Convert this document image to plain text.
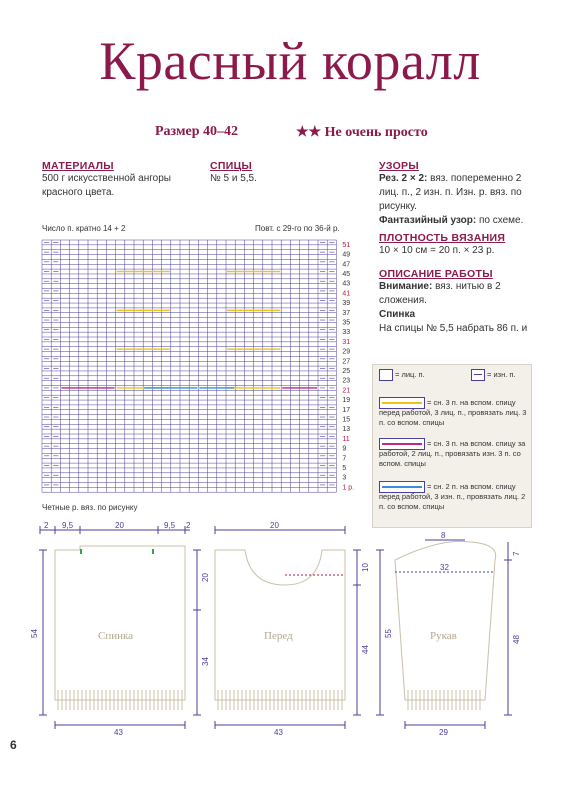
Красный коралл
Размер 40–42	★★ Не очень просто
МАТЕРИАЛЫ
500 г искусственной ангоры красного цвета.
СПИЦЫ
№ 5 и 5,5.
УЗОРЫ
Рез. 2 × 2: вяз. попеременно 2 лиц. п., 2 изн. п. Изн. р. вяз. по рисунку.
Фантазийный узор: по схеме.
ПЛОТНОСТЬ ВЯЗАНИЯ
10 × 10 см = 20 п. × 23 р.
ОПИСАНИЕ РАБОТЫ
Внимание: вяз. нитью в 2 сложения.
Спинка
На спицы № 5,5 набрать 86 п. и
Число п. кратно 14 + 2	Повт. с 29-го по 36-й р.
Четные р. вяз. по рисунку
51
49
47
45
43
41
39
37
35
33
31
29
27
25
23
21
19
17
15
13
11
9
7
5
3
1 р.
= лиц. п.	= изн. п.
= сн. 3 п. на вспом. спицу перед работой, 3 лиц. п., провязать лиц. 3 п. со вспом. спицы
= сн. 3 п. на вспом. спицу за работой, 2 лиц. п., провязать изн. 3 п. со вспом. спицы
= сн. 2 п. на вспом. спицу перед работой, 3 изн. п., провязать лиц. 2 п. со вспом. спицы
2 9,5	20	9,5 2	20
54
43
20
34
43
10
44
55
8
32
48
7
29
Спинка	Перед	Рукав
6
